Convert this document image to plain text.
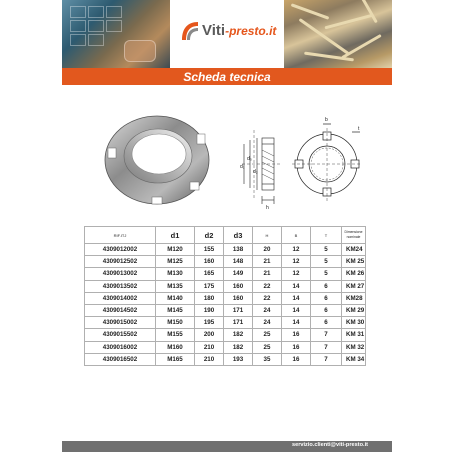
Viti-presto.it
Scheda tecnica
d₁
d₃
d₂
h
b
t
RIF.ITJ	d1	d2	d3	H	B	T	Dimensione nominale
4309012002	M120	155	138	20	12	5	KM24
4309012502	M125	160	148	21	12	5	KM 25
4309013002	M130	165	149	21	12	5	KM 26
4309013502	M135	175	160	22	14	6	KM 27
4309014002	M140	180	160	22	14	6	KM28
4309014502	M145	190	171	24	14	6	KM 29
4309015002	M150	195	171	24	14	6	KM 30
4309015502	M155	200	182	25	16	7	KM 31
4309016002	M160	210	182	25	16	7	KM 32
4309016502	M165	210	193	35	16	7	KM 34
servizio.clienti@viti-presto.it
